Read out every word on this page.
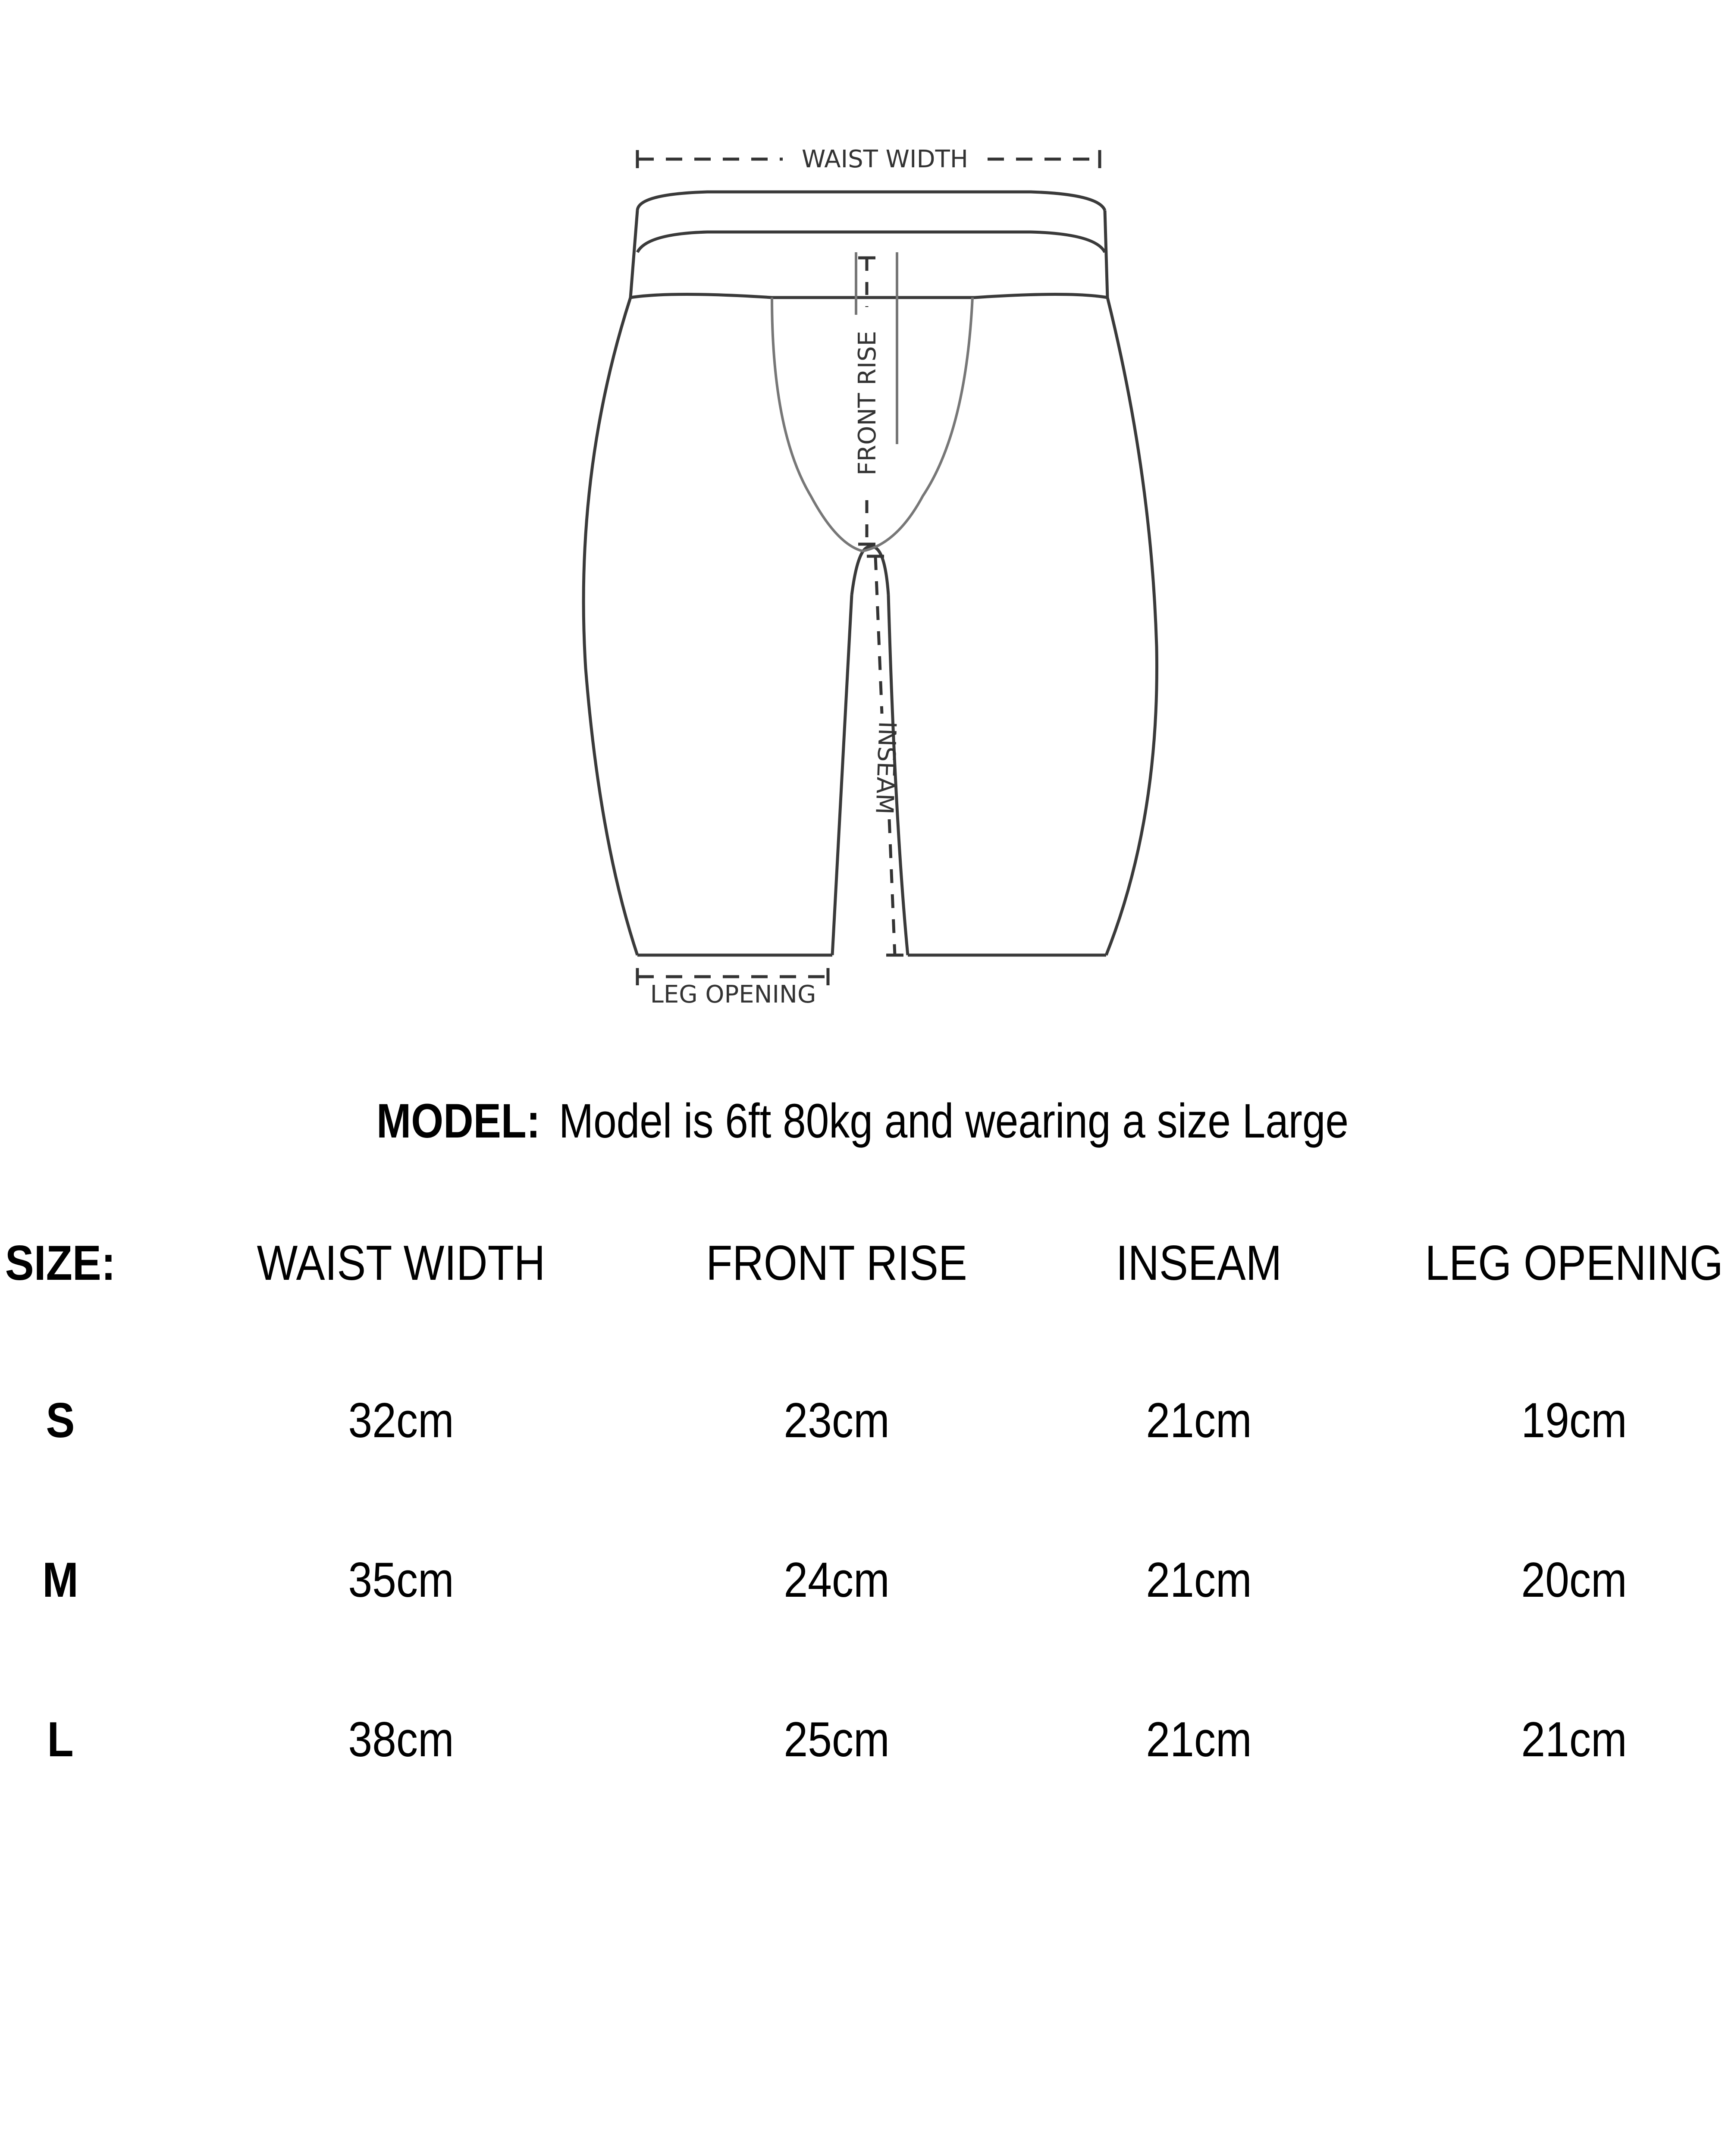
WAIST WIDTH
FRONT RISE
INSEAM
LEG OPENING
MODEL: Model is 6ft 80kg and wearing a size Large
SIZE:	WAIST WIDTH	FRONT RISE	INSEAM	LEG OPENING
S	32cm	23cm	21cm	19cm
M	35cm	24cm	21cm	20cm
L	38cm	25cm	21cm	21cm
